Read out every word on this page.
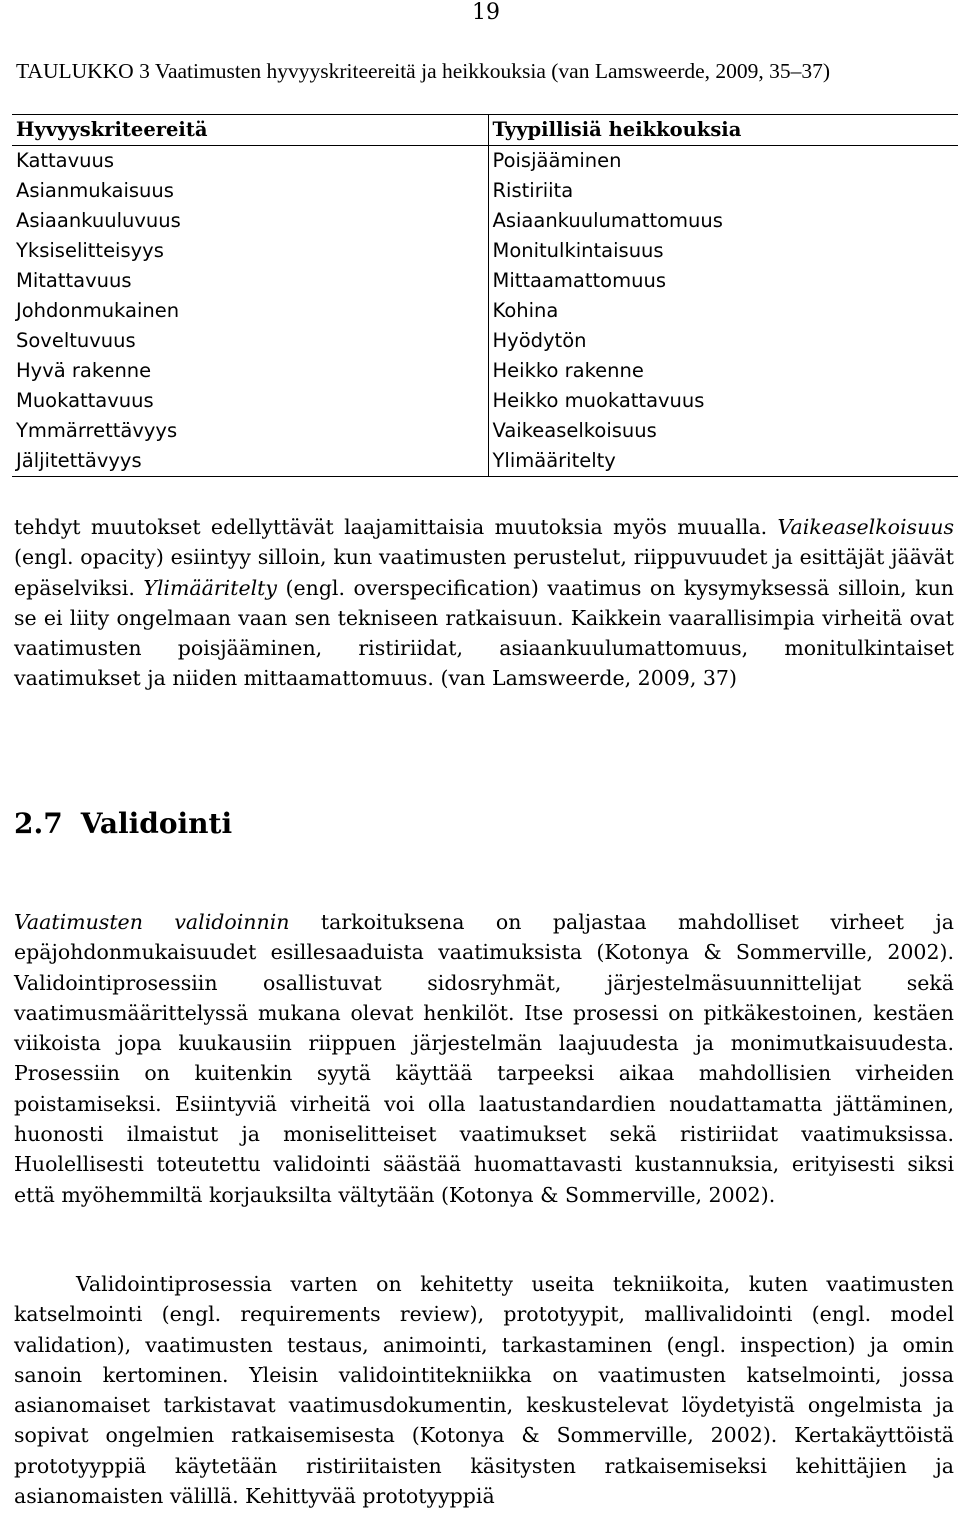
19

TAULUKKO 3 Vaatimusten hyvyyskriteereitä ja heikkouksia (van Lamsweerde, 2009, 35–37)

Hyvyyskriteereitä	Tyypillisiä heikkouksia
Kattavuus	Poisjääminen
Asianmukaisuus	Ristiriita
Asiaankuuluvuus	Asiaankuulumattomuus
Yksiselitteisyys	Monitulkintaisuus
Mitattavuus	Mittaamattomuus
Johdonmukainen	Kohina
Soveltuvuus	Hyödytön
Hyvä rakenne	Heikko rakenne
Muokattavuus	Heikko muokattavuus
Ymmärrettävyys	Vaikeaselkoisuus
Jäljitettävyys	Ylimääritelty

tehdyt muutokset edellyttävät laajamittaisia muutoksia myös muualla. Vaikeaselkoisuus (engl. opacity) esiintyy silloin, kun vaatimusten perustelut, riippuvuudet ja esittäjät jäävät epäselviksi. Ylimääritelty (engl. overspecification) vaatimus on kysymyksessä silloin, kun se ei liity ongelmaan vaan sen tekniseen ratkaisuun. Kaikkein vaarallisimpia virheitä ovat vaatimusten poisjääminen, ristiriidat, asiaankuulumattomuus, monitulkintaiset vaatimukset ja niiden mittaamattomuus. (van Lamsweerde, 2009, 37)

2.7 Validointi

Vaatimusten validoinnin tarkoituksena on paljastaa mahdolliset virheet ja epäjohdonmukaisuudet esillesaaduista vaatimuksista (Kotonya & Sommerville, 2002). Validointiprosessiin osallistuvat sidosryhmät, järjestelmäsuunnittelijat sekä vaatimusmäärittelyssä mukana olevat henkilöt. Itse prosessi on pitkäkestoinen, kestäen viikoista jopa kuukausiin riippuen järjestelmän laajuudesta ja monimutkaisuudesta. Prosessiin on kuitenkin syytä käyttää tarpeeksi aikaa mahdollisien virheiden poistamiseksi. Esiintyviä virheitä voi olla laatustandardien noudattamatta jättäminen, huonosti ilmaistut ja moniselitteiset vaatimukset sekä ristiriidat vaatimuksissa. Huolellisesti toteutettu validointi säästää huomattavasti kustannuksia, erityisesti siksi että myöhemmiltä korjauksilta vältytään (Kotonya & Sommerville, 2002).

Validointiprosessia varten on kehitetty useita tekniikoita, kuten vaatimusten katselmointi (engl. requirements review), prototyypit, mallivalidointi (engl. model validation), vaatimusten testaus, animointi, tarkastaminen (engl. inspection) ja omin sanoin kertominen. Yleisin validointitekniikka on vaatimusten katselmointi, jossa asianomaiset tarkistavat vaatimusdokumentin, keskustelevat löydetyistä ongelmista ja sopivat ongelmien ratkaisemisesta (Kotonya & Sommerville, 2002). Kertakäyttöistä prototyyppiä käytetään ristiriitaisten käsitysten ratkaisemiseksi kehittäjien ja asianomaisten välillä. Kehittyvää prototyyppiä
